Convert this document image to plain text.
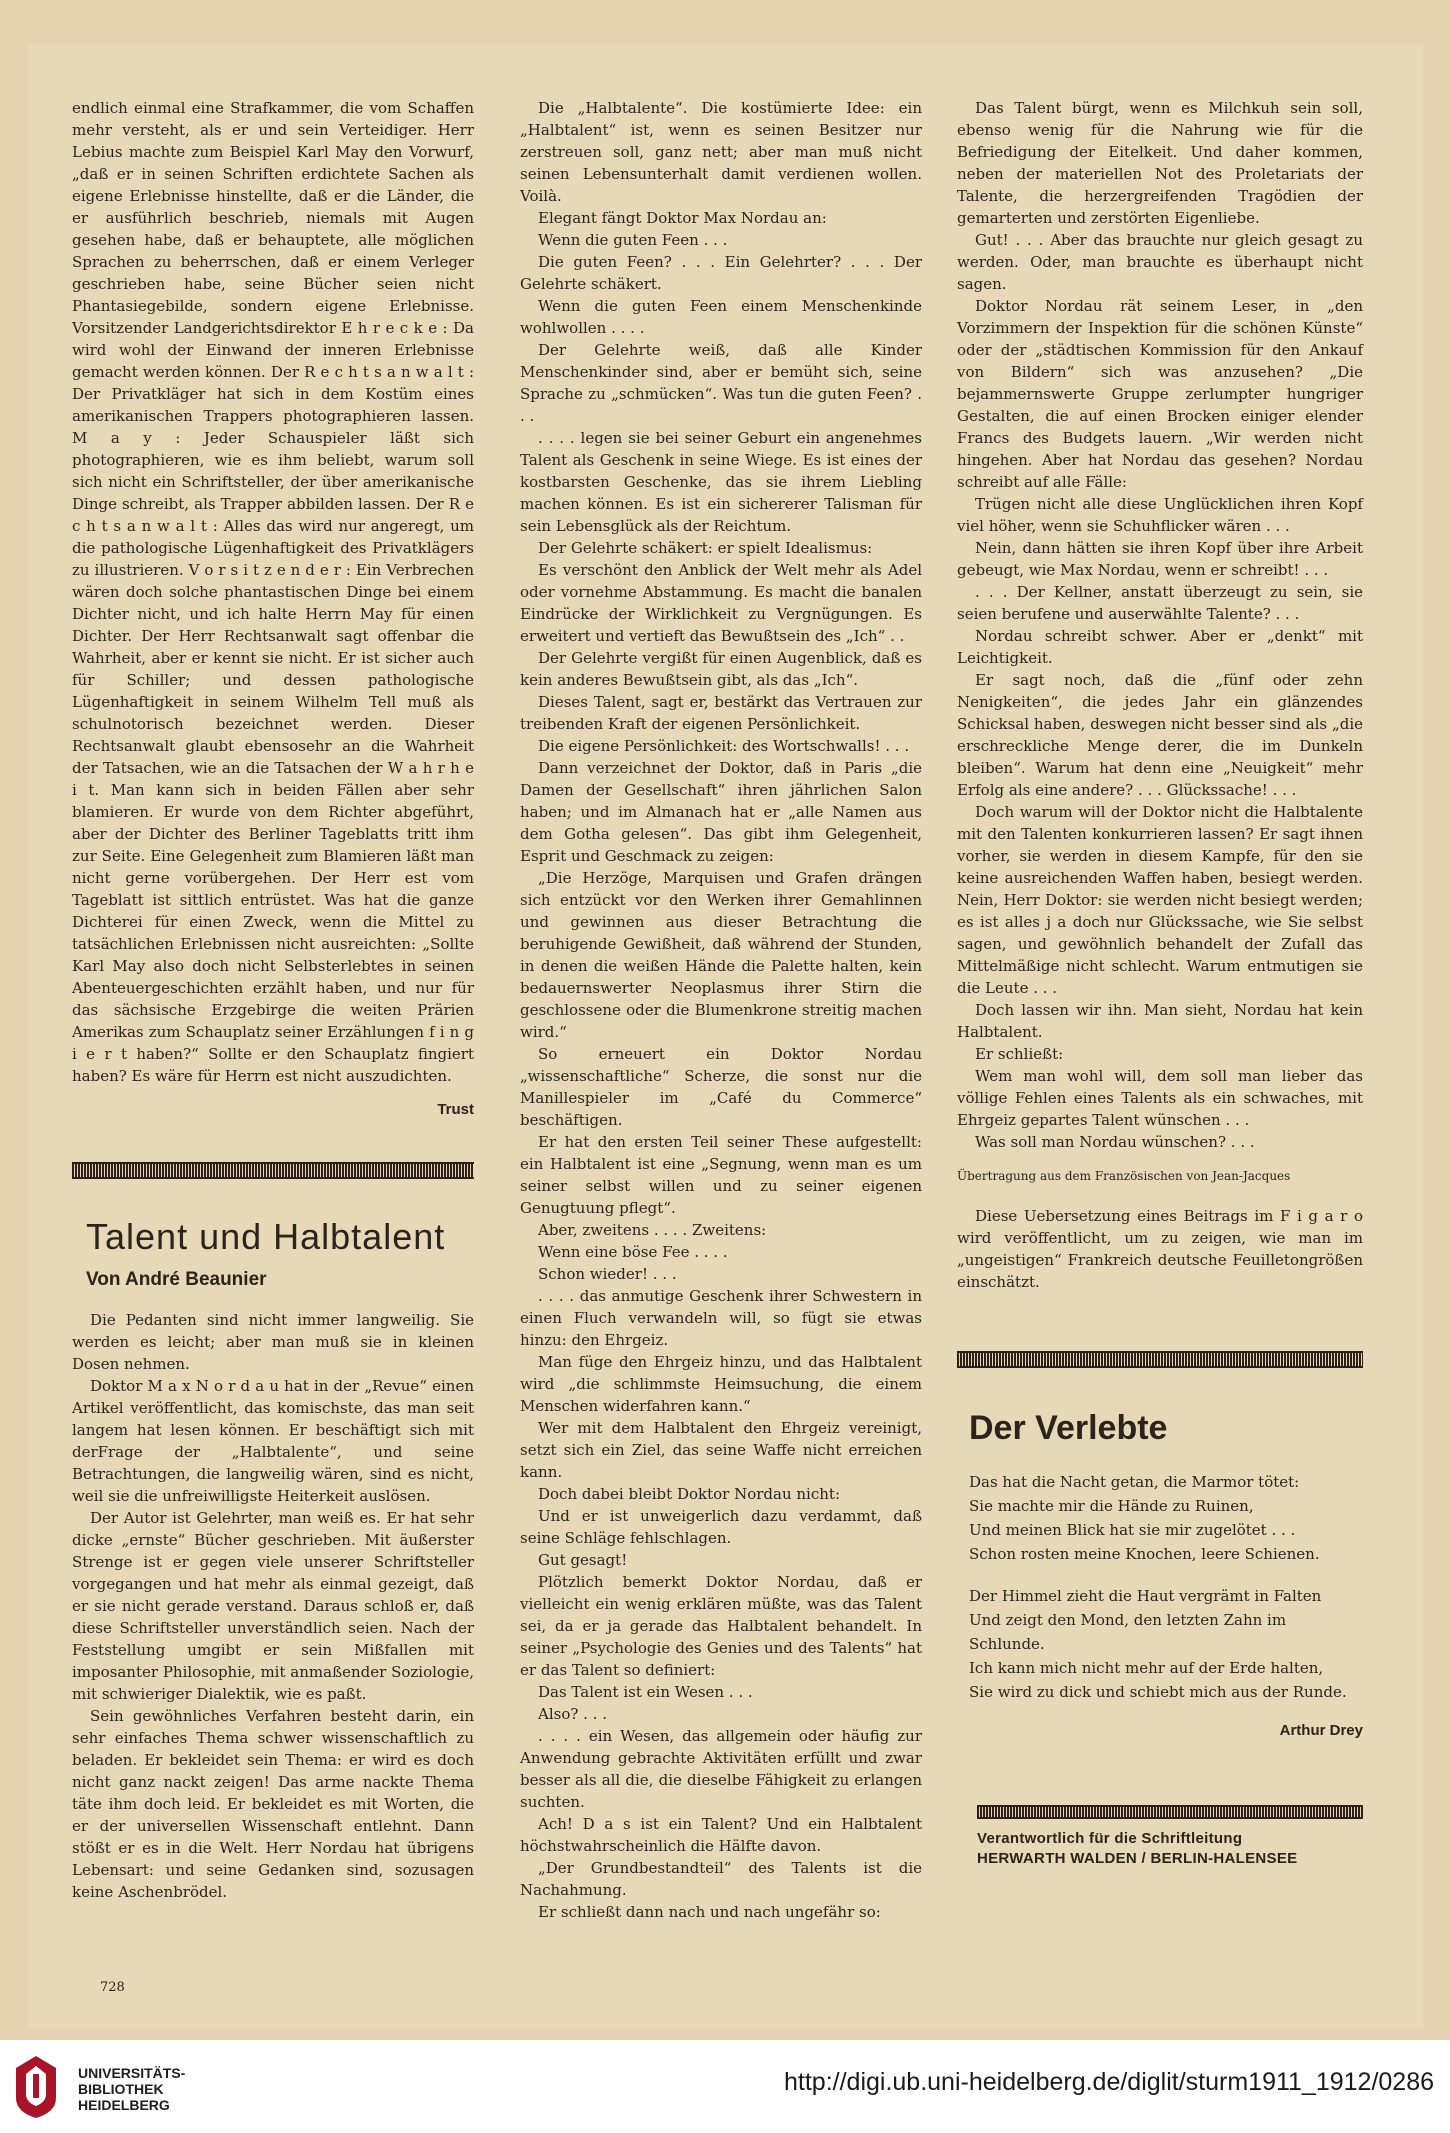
endlich einmal eine Strafkammer, die vom Schaffen mehr versteht, als er und sein Verteidiger. Herr Lebius machte zum Beispiel Karl May den Vorwurf, „daß er in seinen Schriften erdichtete Sachen als eigene Erlebnisse hinstellte, daß er die Länder, die er ausführlich beschrieb, niemals mit Augen gesehen habe, daß er behauptete, alle möglichen Sprachen zu beherrschen, daß er einem Verleger geschrieben habe, seine Bücher seien nicht Phantasiegebilde, sondern eigene Erlebnisse. Vorsitzender Landgerichtsdirektor E h r e c k e : Da wird wohl der Einwand der inneren Erlebnisse gemacht werden können. Der R e c h t s a n w a l t : Der Privatkläger hat sich in dem Kostüm eines amerikanischen Trappers photographieren lassen. M a y : Jeder Schauspieler läßt sich photographieren, wie es ihm beliebt, warum soll sich nicht ein Schriftsteller, der über amerikanische Dinge schreibt, als Trapper abbilden lassen. Der R e c h t s a n w a l t : Alles das wird nur angeregt, um die pathologische Lügenhaftigkeit des Privatklägers zu illustrieren. V o r s i t z e n d e r : Ein Verbrechen wären doch solche phantastischen Dinge bei einem Dichter nicht, und ich halte Herrn May für einen Dichter. Der Herr Rechtsanwalt sagt offenbar die Wahrheit, aber er kennt sie nicht. Er ist sicher auch für Schiller; und dessen pathologische Lügenhaftigkeit in seinem Wilhelm Tell muß als schulnotorisch bezeichnet werden. Dieser Rechtsanwalt glaubt ebensosehr an die Wahrheit der Tatsachen, wie an die Tatsachen der W a h r h e i t. Man kann sich in beiden Fällen aber sehr blamieren. Er wurde von dem Richter abgeführt, aber der Dichter des Berliner Tageblatts tritt ihm zur Seite. Eine Gelegenheit zum Blamieren läßt man nicht gerne vorübergehen. Der Herr est vom Tageblatt ist sittlich entrüstet. Was hat die ganze Dichterei für einen Zweck, wenn die Mittel zu tatsächlichen Erlebnissen nicht ausreichten: „Sollte Karl May also doch nicht Selbsterlebtes in seinen Abenteuergeschichten erzählt haben, und nur für das sächsische Erzgebirge die weiten Prärien Amerikas zum Schauplatz seiner Erzählungen f i n g i e r t haben?“ Sollte er den Schauplatz fingiert haben? Es wäre für Herrn est nicht auszudichten.

Trust

Talent und Halbtalent
Von André Beaunier

Die Pedanten sind nicht immer langweilig. Sie werden es leicht; aber man muß sie in kleinen Dosen nehmen.

Doktor M a x N o r d a u hat in der „Revue“ einen Artikel veröffentlicht, das komischste, das man seit langem hat lesen können. Er beschäftigt sich mit derFrage der „Halbtalente“, und seine Betrachtungen, die langweilig wären, sind es nicht, weil sie die unfreiwilligste Heiterkeit auslösen.

Der Autor ist Gelehrter, man weiß es. Er hat sehr dicke „ernste“ Bücher geschrieben. Mit äußerster Strenge ist er gegen viele unserer Schriftsteller vorgegangen und hat mehr als einmal gezeigt, daß er sie nicht gerade verstand. Daraus schloß er, daß diese Schriftsteller unverständlich seien. Nach der Feststellung umgibt er sein Mißfallen mit imposanter Philosophie, mit anmaßender Soziologie, mit schwieriger Dialektik, wie es paßt.

Sein gewöhnliches Verfahren besteht darin, ein sehr einfaches Thema schwer wissenschaftlich zu beladen. Er bekleidet sein Thema: er wird es doch nicht ganz nackt zeigen! Das arme nackte Thema täte ihm doch leid. Er bekleidet es mit Worten, die er der universellen Wissenschaft entlehnt. Dann stößt er es in die Welt. Herr Nordau hat übrigens Lebensart: und seine Gedanken sind, sozusagen keine Aschenbrödel.

Die „Halbtalente“. Die kostümierte Idee: ein „Halbtalent“ ist, wenn es seinen Besitzer nur zerstreuen soll, ganz nett; aber man muß nicht seinen Lebensunterhalt damit verdienen wollen. Voilà.

Elegant fängt Doktor Max Nordau an:

Wenn die guten Feen . . .

Die guten Feen? . . . Ein Gelehrter? . . . Der Gelehrte schäkert.

Wenn die guten Feen einem Menschenkinde wohlwollen . . . .

Der Gelehrte weiß, daß alle Kinder Menschenkinder sind, aber er bemüht sich, seine Sprache zu „schmücken“. Was tun die guten Feen? . . .

. . . . legen sie bei seiner Geburt ein angenehmes Talent als Geschenk in seine Wiege. Es ist eines der kostbarsten Geschenke, das sie ihrem Liebling machen können. Es ist ein sichererer Talisman für sein Lebensglück als der Reichtum.

Der Gelehrte schäkert: er spielt Idealismus:

Es verschönt den Anblick der Welt mehr als Adel oder vornehme Abstammung. Es macht die banalen Eindrücke der Wirklichkeit zu Vergnügungen. Es erweitert und vertieft das Bewußtsein des „Ich“ . .

Der Gelehrte vergißt für einen Augenblick, daß es kein anderes Bewußtsein gibt, als das „Ich“.

Dieses Talent, sagt er, bestärkt das Vertrauen zur treibenden Kraft der eigenen Persönlichkeit.

Die eigene Persönlichkeit: des Wortschwalls! . . .

Dann verzeichnet der Doktor, daß in Paris „die Damen der Gesellschaft“ ihren jährlichen Salon haben; und im Almanach hat er „alle Namen aus dem Gotha gelesen“. Das gibt ihm Gelegenheit, Esprit und Geschmack zu zeigen:

„Die Herzöge, Marquisen und Grafen drängen sich entzückt vor den Werken ihrer Gemahlinnen und gewinnen aus dieser Betrachtung die beruhigende Gewißheit, daß während der Stunden, in denen die weißen Hände die Palette halten, kein bedauernswerter Neoplasmus ihrer Stirn die geschlossene oder die Blumenkrone streitig machen wird.“

So erneuert ein Doktor Nordau „wissenschaftliche“ Scherze, die sonst nur die Manillespieler im „Café du Commerce“ beschäftigen.

Er hat den ersten Teil seiner These aufgestellt: ein Halbtalent ist eine „Segnung, wenn man es um seiner selbst willen und zu seiner eigenen Genugtuung pflegt“.

Aber, zweitens . . . . Zweitens:

Wenn eine böse Fee . . . .

Schon wieder! . . .

. . . . das anmutige Geschenk ihrer Schwestern in einen Fluch verwandeln will, so fügt sie etwas hinzu: den Ehrgeiz.

Man füge den Ehrgeiz hinzu, und das Halbtalent wird „die schlimmste Heimsuchung, die einem Menschen widerfahren kann.“

Wer mit dem Halbtalent den Ehrgeiz vereinigt, setzt sich ein Ziel, das seine Waffe nicht erreichen kann.

Doch dabei bleibt Doktor Nordau nicht:

Und er ist unweigerlich dazu verdammt, daß seine Schläge fehlschlagen.

Gut gesagt!

Plötzlich bemerkt Doktor Nordau, daß er vielleicht ein wenig erklären müßte, was das Talent sei, da er ja gerade das Halbtalent behandelt. In seiner „Psychologie des Genies und des Talents“ hat er das Talent so definiert:

Das Talent ist ein Wesen . . .

Also? . . .

. . . . ein Wesen, das allgemein oder häufig zur Anwendung gebrachte Aktivitäten erfüllt und zwar besser als all die, die dieselbe Fähigkeit zu erlangen suchten.

Ach! D a s ist ein Talent? Und ein Halbtalent höchstwahrscheinlich die Hälfte davon.

„Der Grundbestandteil“ des Talents ist die Nachahmung.

Er schließt dann nach und nach ungefähr so:

Das Talent bürgt, wenn es Milchkuh sein soll, ebenso wenig für die Nahrung wie für die Befriedigung der Eitelkeit. Und daher kommen, neben der materiellen Not des Proletariats der Talente, die herzergreifenden Tragödien der gemarterten und zerstörten Eigenliebe.

Gut! . . . Aber das brauchte nur gleich gesagt zu werden. Oder, man brauchte es überhaupt nicht sagen.

Doktor Nordau rät seinem Leser, in „den Vorzimmern der Inspektion für die schönen Künste“ oder der „städtischen Kommission für den Ankauf von Bildern“ sich was anzusehen? „Die bejammernswerte Gruppe zerlumpter hungriger Gestalten, die auf einen Brocken einiger elender Francs des Budgets lauern. „Wir werden nicht hingehen. Aber hat Nordau das gesehen? Nordau schreibt auf alle Fälle:

Trügen nicht alle diese Unglücklichen ihren Kopf viel höher, wenn sie Schuhflicker wären . . .

Nein, dann hätten sie ihren Kopf über ihre Arbeit gebeugt, wie Max Nordau, wenn er schreibt! . . .

. . . Der Kellner, anstatt überzeugt zu sein, sie seien berufene und auserwählte Talente? . . .

Nordau schreibt schwer. Aber er „denkt“ mit Leichtigkeit.

Er sagt noch, daß die „fünf oder zehn Nenigkeiten“, die jedes Jahr ein glänzendes Schicksal haben, deswegen nicht besser sind als „die erschreckliche Menge derer, die im Dunkeln bleiben“. Warum hat denn eine „Neuigkeit“ mehr Erfolg als eine andere? . . . Glückssache! . . .

Doch warum will der Doktor nicht die Halbtalente mit den Talenten konkurrieren lassen? Er sagt ihnen vorher, sie werden in diesem Kampfe, für den sie keine ausreichenden Waffen haben, besiegt werden. Nein, Herr Doktor: sie werden nicht besiegt werden; es ist alles j a doch nur Glückssache, wie Sie selbst sagen, und gewöhnlich behandelt der Zufall das Mittelmäßige nicht schlecht. Warum entmutigen sie die Leute . . .

Doch lassen wir ihn. Man sieht, Nordau hat kein Halbtalent.

Er schließt:

Wem man wohl will, dem soll man lieber das völlige Fehlen eines Talents als ein schwaches, mit Ehrgeiz gepartes Talent wünschen . . .

Was soll man Nordau wünschen? . . .

Übertragung aus dem Französischen von Jean-Jacques

Diese Uebersetzung eines Beitrags im F i g a r o wird veröffentlicht, um zu zeigen, wie man im „ungeistigen“ Frankreich deutsche Feuilletongrößen einschätzt.

Der Verlebte
Das hat die Nacht getan, die Marmor tötet:
Sie machte mir die Hände zu Ruinen,
Und meinen Blick hat sie mir zugelötet . . .
Schon rosten meine Knochen, leere Schienen.
Der Himmel zieht die Haut vergrämt in Falten
Und zeigt den Mond, den letzten Zahn im Schlunde.
Ich kann mich nicht mehr auf der Erde halten,
Sie wird zu dick und schiebt mich aus der Runde.

Arthur Drey

Verantwortlich für die Schriftleitung
HERWARTH WALDEN / BERLIN-HALENSEE
728
UNIVERSITÄTS-
BIBLIOTHEK
HEIDELBERG
http://digi.ub.uni-heidelberg.de/diglit/sturm1911_1912/0286
